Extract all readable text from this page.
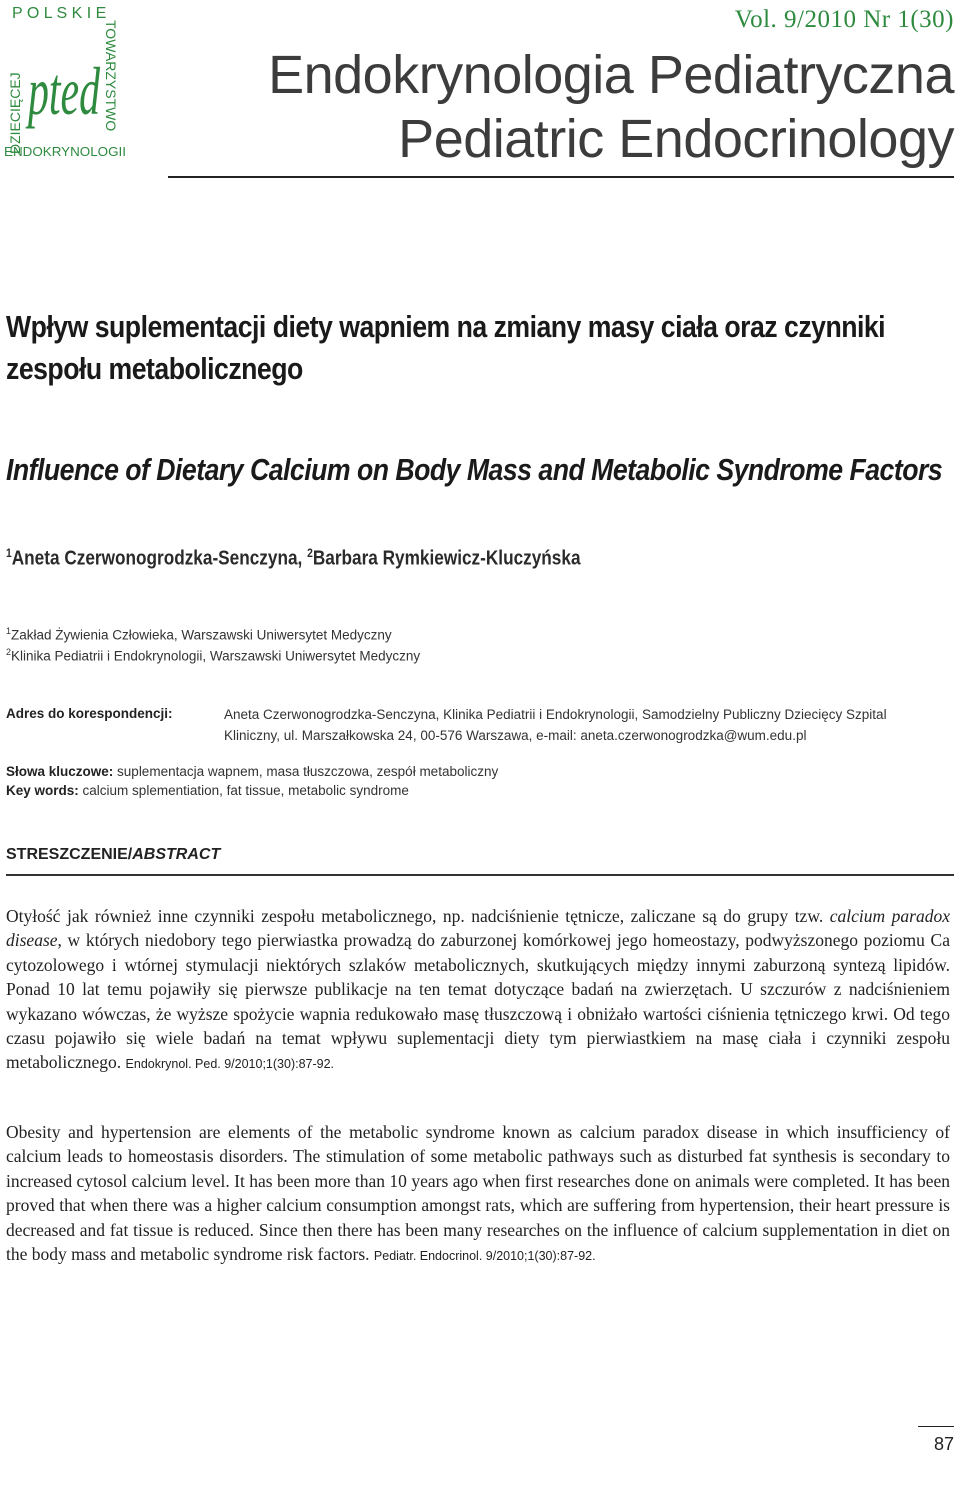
P O L S K I E
DZIECIĘCEJ	TOWARZYSTWO
ENDOKRYNOLOGII
pted
Vol. 9/2010 Nr 1(30)
Endokrynologia Pediatryczna
Pediatric Endocrinology
Wpływ suplementacji diety wapniem na zmiany masy ciała oraz czynniki zespołu metabolicznego
Influence of Dietary Calcium on Body Mass and Metabolic Syndrome Factors
$^1$Aneta Czerwonogrodzka-Senczyna, $^2$Barbara Rymkiewicz-Kluczyńska
$^1$Zakład Żywienia Człowieka, Warszawski Uniwersytet Medyczny
$^2$Klinika Pediatrii i Endokrynologii, Warszawski Uniwersytet Medyczny
Adres do korespondencji:	Aneta Czerwonogrodzka-Senczyna, Klinika Pediatrii i Endokrynologii, Samodzielny Publiczny Dziecięcy Szpital Kliniczny, ul. Marszałkowska 24, 00-576 Warszawa, e-mail: aneta.czerwonogrodzka@wum.edu.pl
Słowa kluczowe: suplementacja wapnem, masa tłuszczowa, zespół metaboliczny
Key words: calcium splementiation, fat tissue, metabolic syndrome
STRESZCZENIE/ABSTRACT
Otyłość jak również inne czynniki zespołu metabolicznego, np. nadciśnienie tętnicze, zaliczane są do grupy tzw. calcium paradox disease, w których niedobory tego pierwiastka prowadzą do zaburzonej komórkowej jego homeostazy, podwyższonego poziomu Ca cytozolowego i wtórnej stymulacji niektórych szlaków metabolicznych, skutkujących między innymi zaburzoną syntezą lipidów. Ponad 10 lat temu pojawiły się pierwsze publikacje na ten temat dotyczące badań na zwierzętach. U szczurów z nadciśnieniem wykazano wówczas, że wyższe spożycie wapnia redukowało masę tłuszczową i obniżało wartości ciśnienia tętniczego krwi. Od tego czasu pojawiło się wiele badań na temat wpływu suplementacji diety tym pierwiastkiem na masę ciała i czynniki zespołu metabolicznego. Endokrynol. Ped. 9/2010;1(30):87-92.
Obesity and hypertension are elements of the metabolic syndrome known as calcium paradox disease in which insufficiency of calcium leads to homeostasis disorders. The stimulation of some metabolic pathways such as disturbed fat synthesis is secondary to increased cytosol calcium level. It has been more than 10 years ago when first researches done on animals were completed. It has been proved that when there was a higher calcium consumption amongst rats, which are suffering from hypertension, their heart pressure is decreased and fat tissue is reduced. Since then there has been many researches on the influence of calcium supplementation in diet on the body mass and metabolic syndrome risk factors. Pediatr. Endocrinol. 9/2010;1(30):87-92.
87
